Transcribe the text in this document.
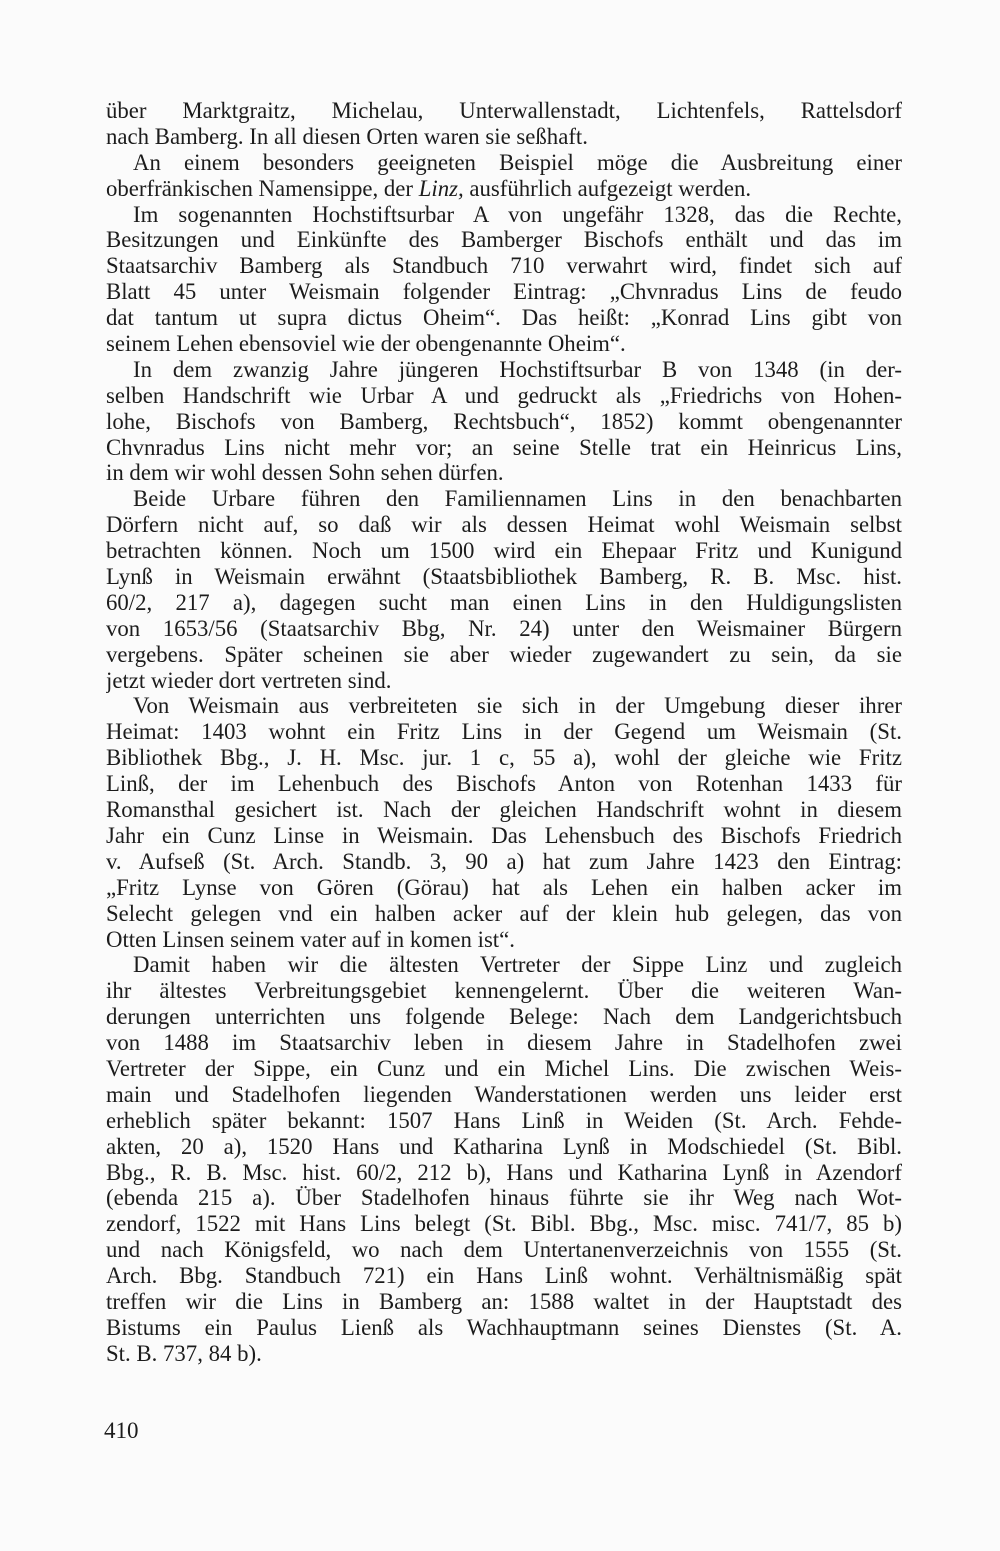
über Marktgraitz, Michelau, Unterwallenstadt, Lichtenfels, Rattelsdorf
nach Bamberg. In all diesen Orten waren sie seßhaft.
An einem besonders geeigneten Beispiel möge die Ausbreitung einer
oberfränkischen Namensippe, der Linz, ausführlich aufgezeigt werden.
Im sogenannten Hochstiftsurbar A von ungefähr 1328, das die Rechte,
Besitzungen und Einkünfte des Bamberger Bischofs enthält und das im
Staatsarchiv Bamberg als Standbuch 710 verwahrt wird, findet sich auf
Blatt 45 unter Weismain folgender Eintrag: „Chvnradus Lins de feudo
dat tantum ut supra dictus Oheim“. Das heißt: „Konrad Lins gibt von
seinem Lehen ebensoviel wie der obengenannte Oheim“.
In dem zwanzig Jahre jüngeren Hochstiftsurbar B von 1348 (in der-
selben Handschrift wie Urbar A und gedruckt als „Friedrichs von Hohen-
lohe, Bischofs von Bamberg, Rechtsbuch“, 1852) kommt obengenannter
Chvnradus Lins nicht mehr vor; an seine Stelle trat ein Heinricus Lins,
in dem wir wohl dessen Sohn sehen dürfen.
Beide Urbare führen den Familiennamen Lins in den benachbarten
Dörfern nicht auf, so daß wir als dessen Heimat wohl Weismain selbst
betrachten können. Noch um 1500 wird ein Ehepaar Fritz und Kunigund
Lynß in Weismain erwähnt (Staatsbibliothek Bamberg, R. B. Msc. hist.
60/2, 217 a), dagegen sucht man einen Lins in den Huldigungslisten
von 1653/56 (Staatsarchiv Bbg, Nr. 24) unter den Weismainer Bürgern
vergebens. Später scheinen sie aber wieder zugewandert zu sein, da sie
jetzt wieder dort vertreten sind.
Von Weismain aus verbreiteten sie sich in der Umgebung dieser ihrer
Heimat: 1403 wohnt ein Fritz Lins in der Gegend um Weismain (St.
Bibliothek Bbg., J. H. Msc. jur. 1 c, 55 a), wohl der gleiche wie Fritz
Linß, der im Lehenbuch des Bischofs Anton von Rotenhan 1433 für
Romansthal gesichert ist. Nach der gleichen Handschrift wohnt in diesem
Jahr ein Cunz Linse in Weismain. Das Lehensbuch des Bischofs Friedrich
v. Aufseß (St. Arch. Standb. 3, 90 a) hat zum Jahre 1423 den Eintrag:
„Fritz Lynse von Gören (Görau) hat als Lehen ein halben acker im
Selecht gelegen vnd ein halben acker auf der klein hub gelegen, das von
Otten Linsen seinem vater auf in komen ist“.
Damit haben wir die ältesten Vertreter der Sippe Linz und zugleich
ihr ältestes Verbreitungsgebiet kennengelernt. Über die weiteren Wan-
derungen unterrichten uns folgende Belege: Nach dem Landgerichtsbuch
von 1488 im Staatsarchiv leben in diesem Jahre in Stadelhofen zwei
Vertreter der Sippe, ein Cunz und ein Michel Lins. Die zwischen Weis-
main und Stadelhofen liegenden Wanderstationen werden uns leider erst
erheblich später bekannt: 1507 Hans Linß in Weiden (St. Arch. Fehde-
akten, 20 a), 1520 Hans und Katharina Lynß in Modschiedel (St. Bibl.
Bbg., R. B. Msc. hist. 60/2, 212 b), Hans und Katharina Lynß in Azendorf
(ebenda 215 a). Über Stadelhofen hinaus führte sie ihr Weg nach Wot-
zendorf, 1522 mit Hans Lins belegt (St. Bibl. Bbg., Msc. misc. 741/7, 85 b)
und nach Königsfeld, wo nach dem Untertanenverzeichnis von 1555 (St.
Arch. Bbg. Standbuch 721) ein Hans Linß wohnt. Verhältnismäßig spät
treffen wir die Lins in Bamberg an: 1588 waltet in der Hauptstadt des
Bistums ein Paulus Lienß als Wachhauptmann seines Dienstes (St. A.
St. B. 737, 84 b).
410
